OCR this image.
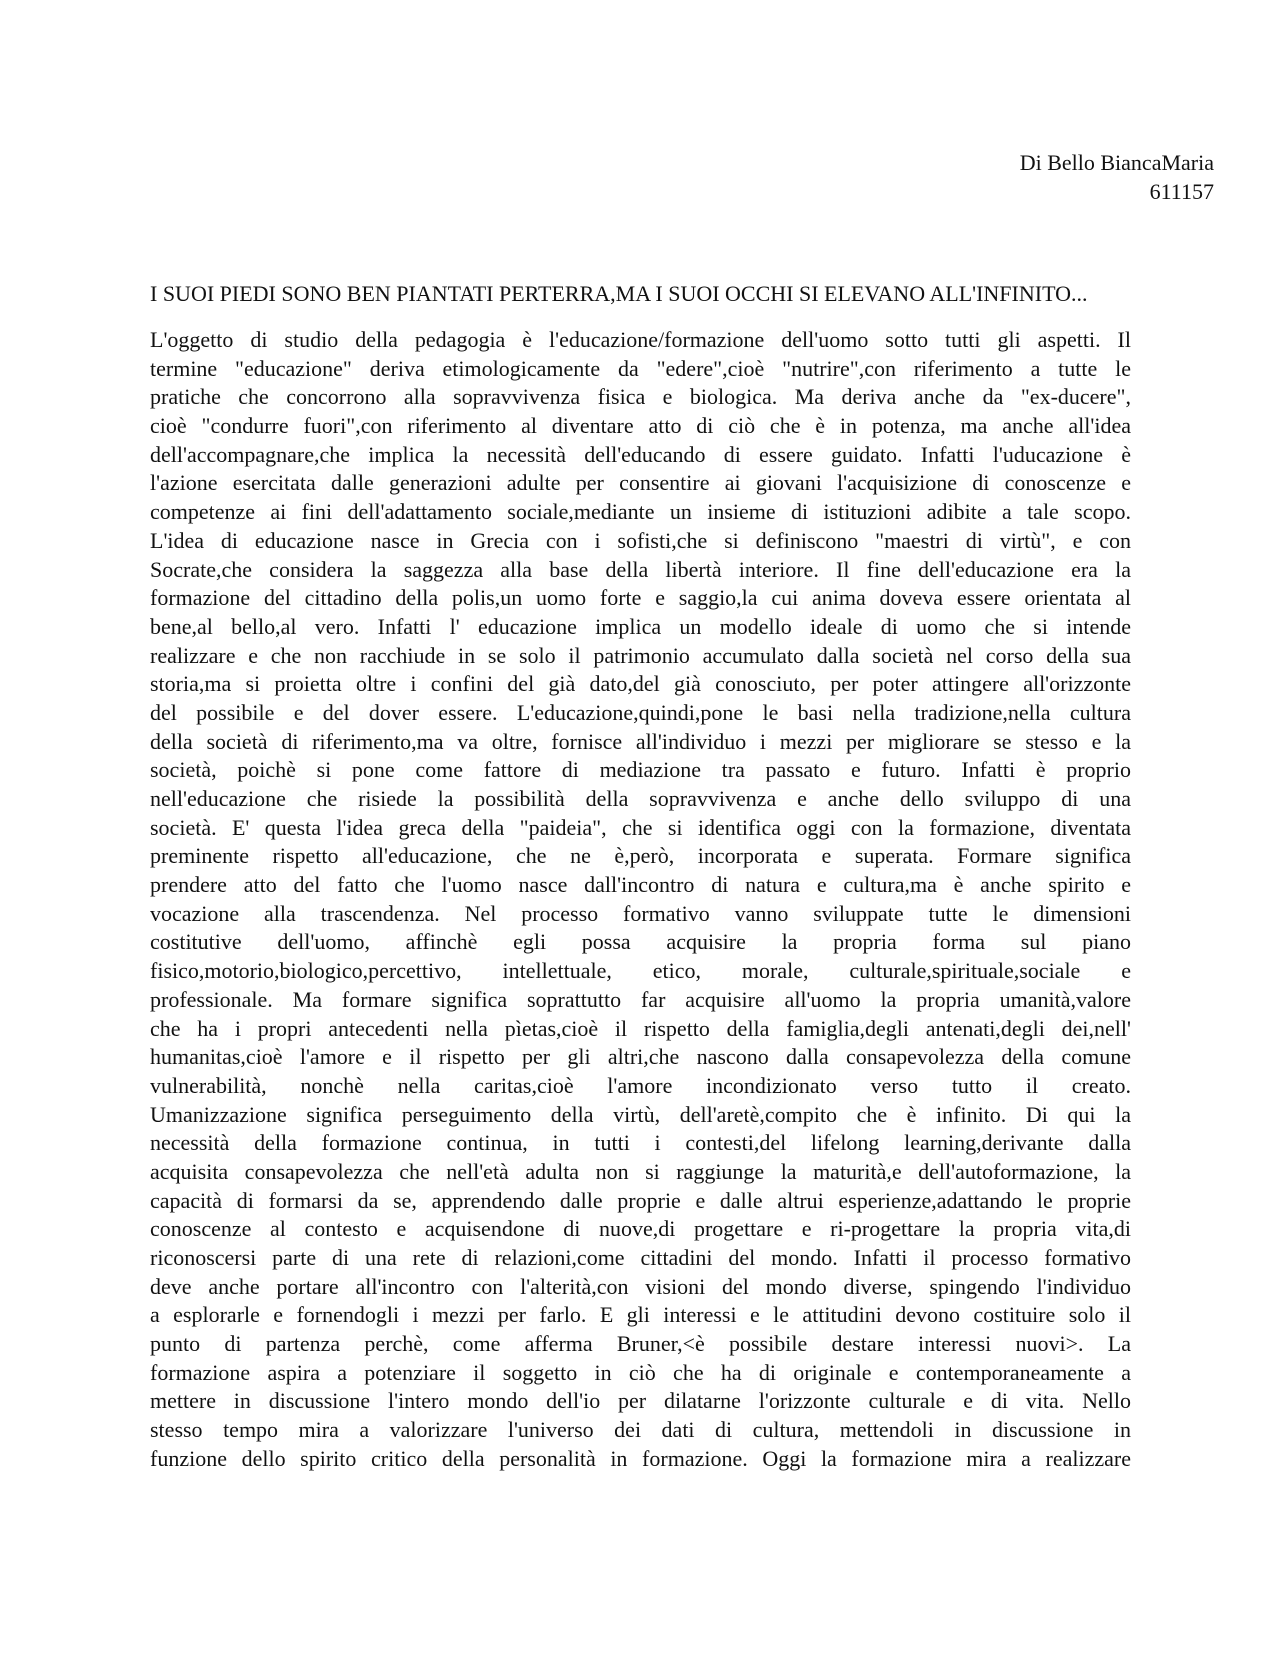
Di Bello BiancaMaria
611157
I SUOI PIEDI SONO BEN PIANTATI PERTERRA,MA I SUOI OCCHI SI ELEVANO ALL'INFINITO...
L'oggetto di studio della pedagogia è l'educazione/formazione dell'uomo sotto tutti gli aspetti. Il
termine "educazione" deriva etimologicamente da "edere",cioè "nutrire",con riferimento a tutte le
pratiche che concorrono alla sopravvivenza fisica e biologica. Ma deriva anche da "ex-ducere",
cioè "condurre fuori",con riferimento al diventare atto di ciò che è in potenza, ma anche all'idea
dell'accompagnare,che implica la necessità dell'educando di essere guidato. Infatti l'uducazione è
l'azione esercitata dalle generazioni adulte per consentire ai giovani l'acquisizione di conoscenze e
competenze ai fini dell'adattamento sociale,mediante un insieme di istituzioni adibite a tale scopo.
L'idea di educazione nasce in Grecia con i sofisti,che si definiscono "maestri di virtù", e con
Socrate,che considera la saggezza alla base della libertà interiore. Il fine dell'educazione era la
formazione del cittadino della polis,un uomo forte e saggio,la cui anima doveva essere orientata al
bene,al bello,al vero. Infatti l' educazione implica un modello ideale di uomo che si intende
realizzare e che non racchiude in se solo il patrimonio accumulato dalla società nel corso della sua
storia,ma si proietta oltre i confini del già dato,del già conosciuto, per poter attingere all'orizzonte
del possibile e del dover essere. L'educazione,quindi,pone le basi nella tradizione,nella cultura
della società di riferimento,ma va oltre, fornisce all'individuo i mezzi per migliorare se stesso e la
società, poichè si pone come fattore di mediazione tra passato e futuro. Infatti è proprio
nell'educazione che risiede la possibilità della sopravvivenza e anche dello sviluppo di una
società. E' questa l'idea greca della "paideia", che si identifica oggi con la formazione, diventata
preminente rispetto all'educazione, che ne è,però, incorporata e superata. Formare significa
prendere atto del fatto che l'uomo nasce dall'incontro di natura e cultura,ma è anche spirito e
vocazione alla trascendenza. Nel processo formativo vanno sviluppate tutte le dimensioni
costitutive dell'uomo, affinchè egli possa acquisire la propria forma sul piano
fisico,motorio,biologico,percettivo, intellettuale, etico, morale, culturale,spirituale,sociale e
professionale. Ma formare significa soprattutto far acquisire all'uomo la propria umanità,valore
che ha i propri antecedenti nella pìetas,cioè il rispetto della famiglia,degli antenati,degli dei,nell'
humanitas,cioè l'amore e il rispetto per gli altri,che nascono dalla consapevolezza della comune
vulnerabilità, nonchè nella caritas,cioè l'amore incondizionato verso tutto il creato.
Umanizzazione significa perseguimento della virtù, dell'aretè,compito che è infinito. Di qui la
necessità della formazione continua, in tutti i contesti,del lifelong learning,derivante dalla
acquisita consapevolezza che nell'età adulta non si raggiunge la maturità,e dell'autoformazione, la
capacità di formarsi da se, apprendendo dalle proprie e dalle altrui esperienze,adattando le proprie
conoscenze al contesto e acquisendone di nuove,di progettare e ri-progettare la propria vita,di
riconoscersi parte di una rete di relazioni,come cittadini del mondo. Infatti il processo formativo
deve anche portare all'incontro con l'alterità,con visioni del mondo diverse, spingendo l'individuo
a esplorarle e fornendogli i mezzi per farlo. E gli interessi e le attitudini devono costituire solo il
punto di partenza perchè, come afferma Bruner,<è possibile destare interessi nuovi>. La
formazione aspira a potenziare il soggetto in ciò che ha di originale e contemporaneamente a
mettere in discussione l'intero mondo dell'io per dilatarne l'orizzonte culturale e di vita. Nello
stesso tempo mira a valorizzare l'universo dei dati di cultura, mettendoli in discussione in
funzione dello spirito critico della personalità in formazione. Oggi la formazione mira a realizzare
